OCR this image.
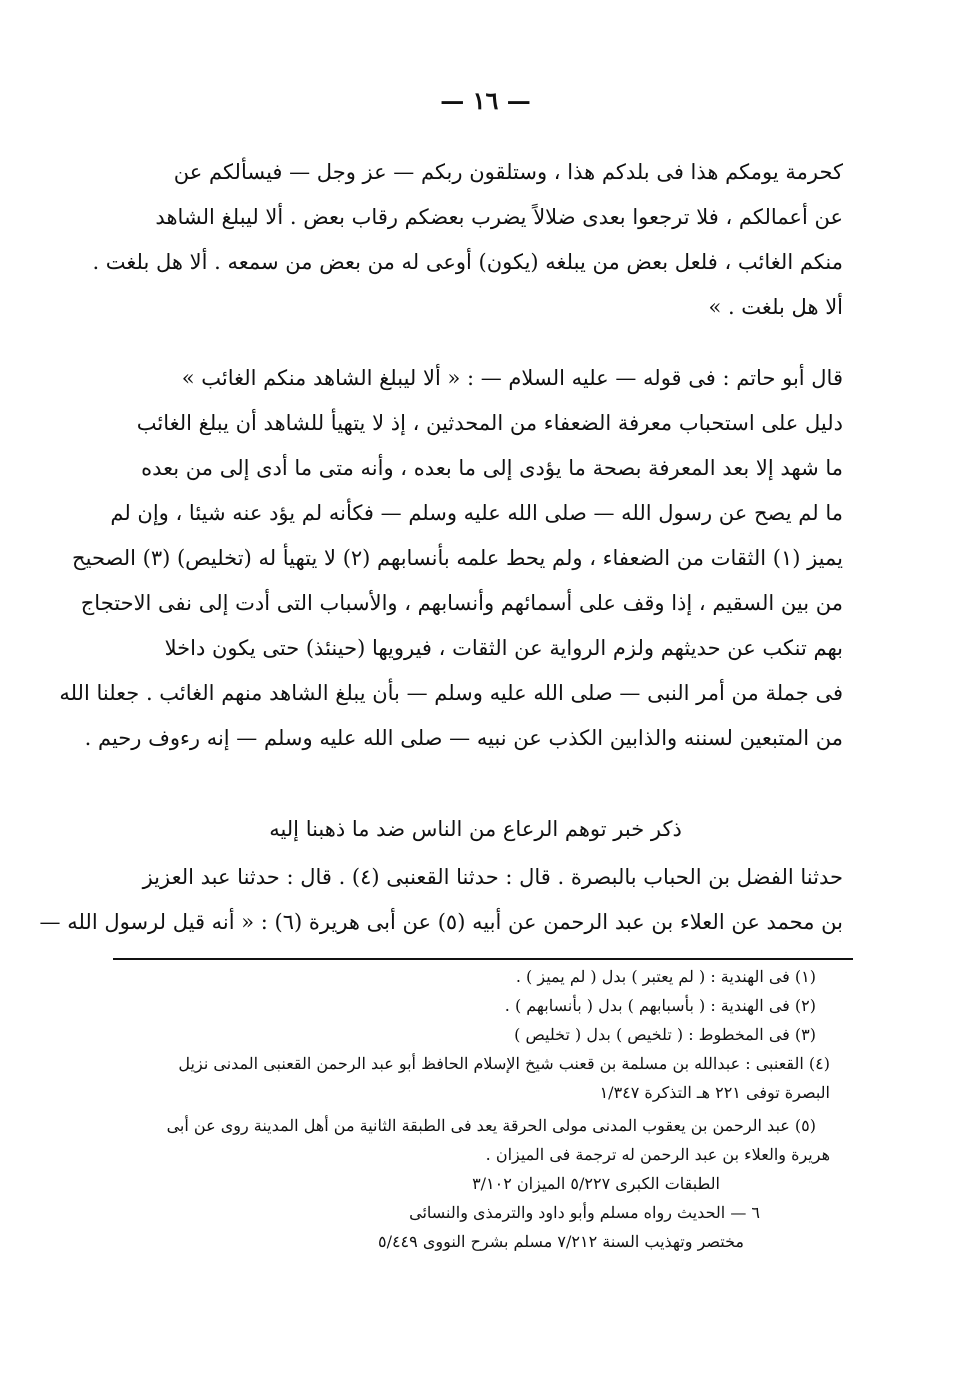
— ١٦ —
كحرمة يومكم هذا فى بلدكم هذا ، وستلقون ربكم — عز وجل — فيسألكم عن
عن أعمالكم ، فلا ترجعوا بعدى ضلالاً يضرب بعضكم رقاب بعض . ألا ليبلغ الشاهد
منكم الغائب ، فلعل بعض من يبلغه (يكون) أوعى له من بعض من سمعه . ألا هل بلغت .
ألا هل بلغت . »
قال أبو حاتم : فى قوله — عليه السلام — : « ألا ليبلغ الشاهد منكم الغائب »
دليل على استحباب معرفة الضعفاء من المحدثين ، إذ لا يتهيأ للشاهد أن يبلغ الغائب
ما شهد إلا بعد المعرفة بصحة ما يؤدى إلى ما بعده ، وأنه متى ما أدى إلى من بعده
ما لم يصح عن رسول الله — صلى الله عليه وسلم — فكأنه لم يؤد عنه شيئا ، وإن لم
يميز (١) الثقات من الضعفاء ، ولم يحط علمه بأنسابهم (٢) لا يتهيأ له (تخليص) (٣) الصحيح
من بين السقيم ، إذا وقف على أسمائهم وأنسابهم ، والأسباب التى أدت إلى نفى الاحتجاج
بهم تنكب عن حديثهم ولزم الرواية عن الثقات ، فيرويها (حينئذ) حتى يكون داخلا
فى جملة من أمر النبى — صلى الله عليه وسلم — بأن يبلغ الشاهد منهم الغائب . جعلنا الله
من المتبعين لسننه والذابين الكذب عن نبيه — صلى الله عليه وسلم — إنه رءوف رحيم .
ذكر خبر توهم الرعاع من الناس ضد ما ذهبنا إليه
حدثنا الفضل بن الحباب بالبصرة . قال : حدثنا القعنبى (٤) . قال : حدثنا عبد العزيز
بن محمد عن العلاء بن عبد الرحمن عن أبيه (٥) عن أبى هريرة (٦) : « أنه قيل لرسول الله —
(١) فى الهندية : ( لم يعتبر ) بدل ( لم يميز ) .
(٢) فى الهندية : ( بأسبابهم ) بدل ( بأنسابهم ) .
(٣) فى المخطوط : ( تلخيص ) بدل ( تخليص )
(٤) القعنبى : عبدالله بن مسلمة بن قعنب شيخ الإسلام الحافظ أبو عبد الرحمن القعنبى المدنى نزيل
البصرة توفى ٢٢١ هـ التذكرة ١/٣٤٧
(٥) عبد الرحمن بن يعقوب المدنى مولى الحرقة يعد فى الطبقة الثانية من أهل المدينة روى عن أبى
هريرة والعلاء بن عبد الرحمن له ترجمة فى الميزان .
الطبقات الكبرى ٥/٢٢٧ الميزان ٣/١٠٢
٦ — الحديث رواه مسلم وأبو داود والترمذى والنسائى
مختصر وتهذيب السنة ٧/٢١٢ مسلم بشرح النووى ٥/٤٤٩
